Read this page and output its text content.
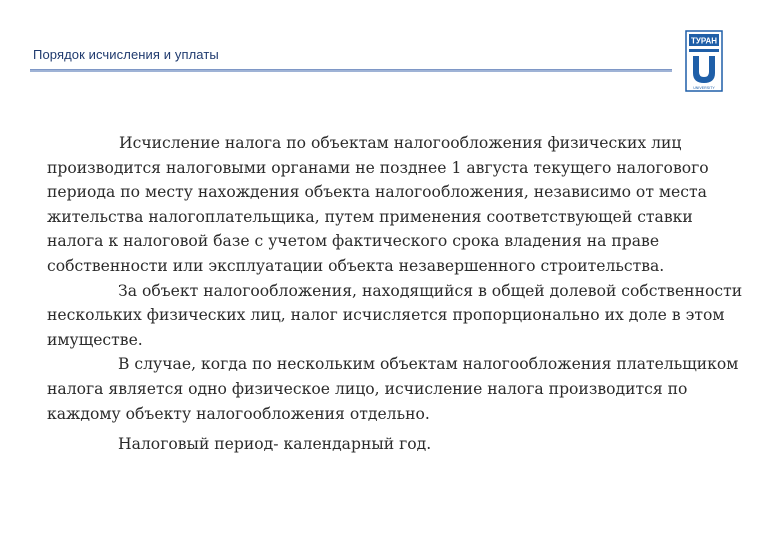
Порядок исчисления и уплаты
ТУРАН
UNIVERSITY

Исчисление налога по объектам налогообложения физических лиц производится налоговыми органами не позднее 1 августа текущего налогового периода по месту нахождения объекта налогообложения, независимо от места жительства налогоплательщика, путем применения соответствующей ставки налога к налоговой базе с учетом фактического срока владения на праве собственности или эксплуатации объекта незавершенного строительства.

За объект налогообложения, находящийся в общей долевой собственности нескольких физических лиц, налог исчисляется пропорционально их доле в этом имуществе.

В случае, когда по нескольким объектам налогообложения плательщиком налога является одно физическое лицо, исчисление налога производится по каждому объекту налогообложения отдельно.

Налоговый период- календарный год.
